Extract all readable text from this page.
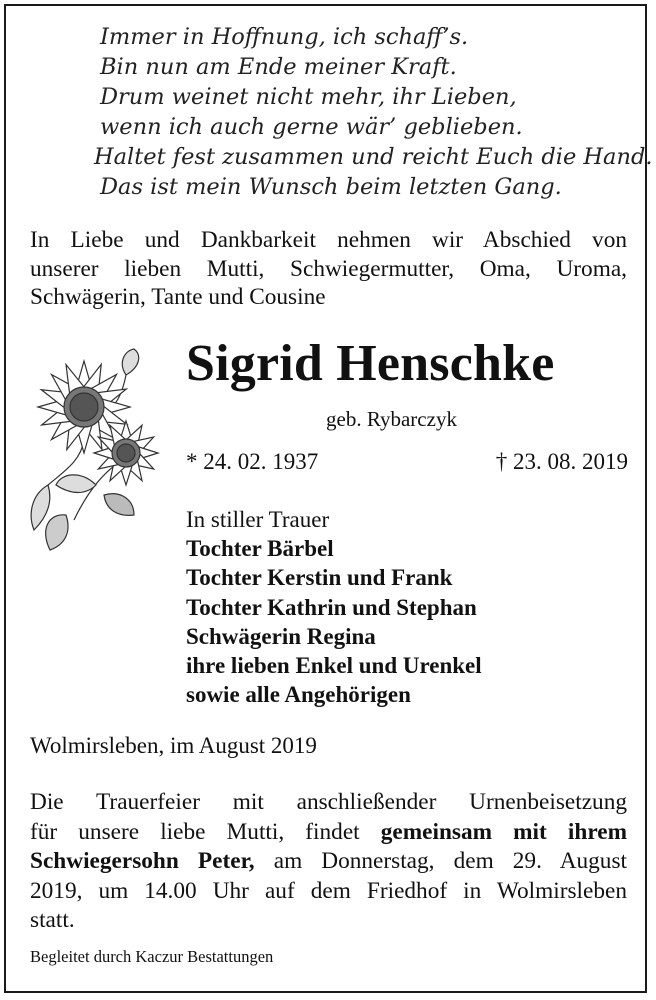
Immer in Hoffnung, ich schaff’s.
Bin nun am Ende meiner Kraft.
Drum weinet nicht mehr, ihr Lieben,
wenn ich auch gerne wär’ geblieben.
Haltet fest zusammen und reicht Euch die Hand.
Das ist mein Wunsch beim letzten Gang.
In Liebe und Dankbarkeit nehmen wir Abschied von
unserer lieben Mutti, Schwiegermutter, Oma, Uroma,
Schwägerin, Tante und Cousine
Sigrid Henschke
geb. Rybarczyk
* 24. 02. 1937	† 23. 08. 2019
In stiller Trauer
Tochter Bärbel
Tochter Kerstin und Frank
Tochter Kathrin und Stephan
Schwägerin Regina
ihre lieben Enkel und Urenkel
sowie alle Angehörigen
Wolmirsleben, im August 2019
Die Trauerfeier mit anschließender Urnenbeisetzung
für unsere liebe Mutti, findet gemeinsam mit ihrem
Schwiegersohn Peter, am Donnerstag, dem 29. August
2019, um 14.00 Uhr auf dem Friedhof in Wolmirsleben
statt.
Begleitet durch Kaczur Bestattungen
